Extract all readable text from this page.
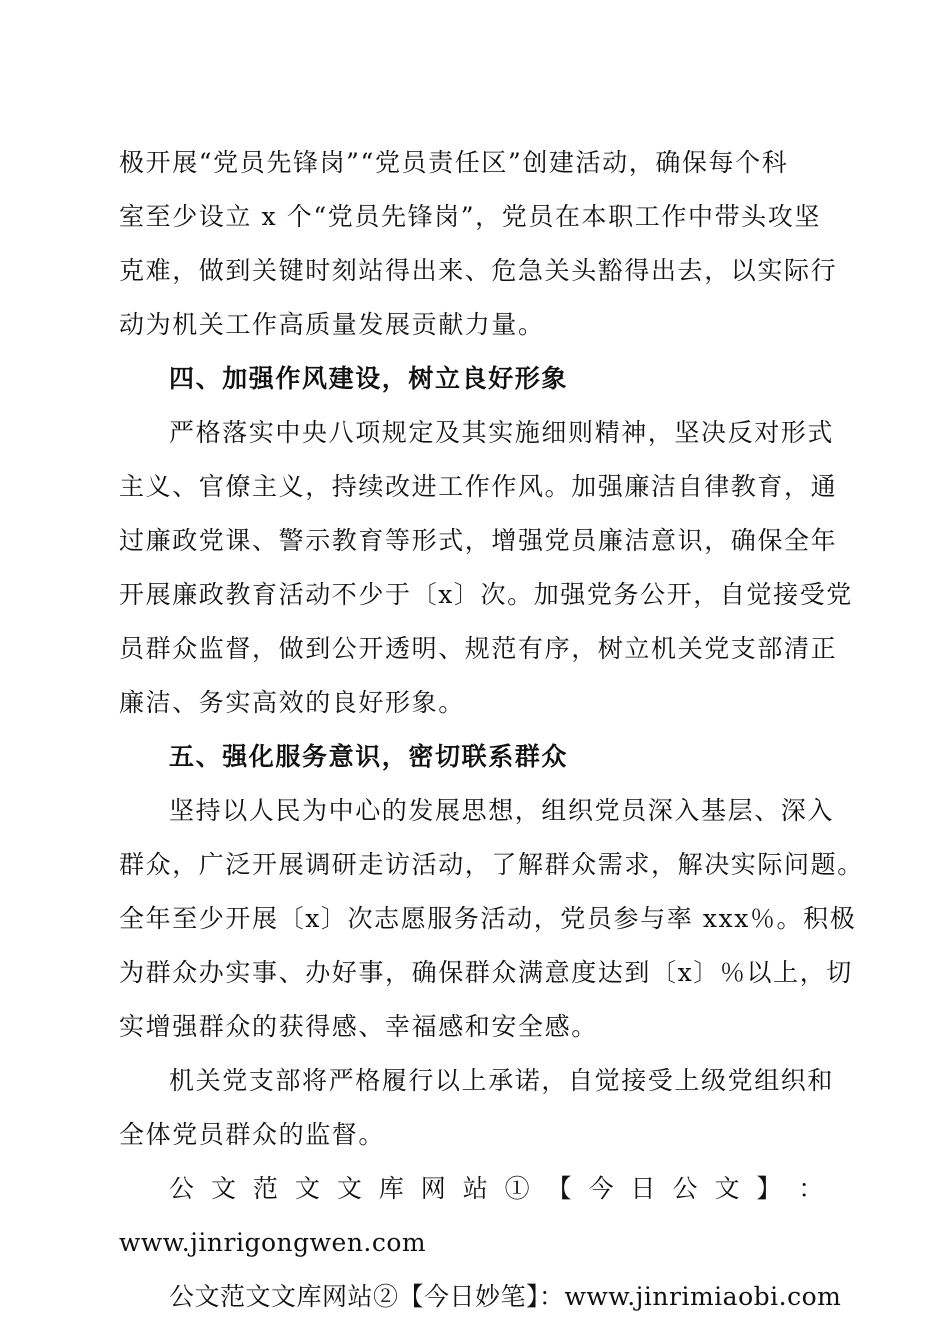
极开展“党员先锋岗”“党员责任区”创建活动，确保每个科
室至少设立 x 个“党员先锋岗”，党员在本职工作中带头攻坚
克难，做到关键时刻站得出来、危急关头豁得出去，以实际行
动为机关工作高质量发展贡献力量。
四、加强作风建设，树立良好形象
严格落实中央八项规定及其实施细则精神，坚决反对形式
主义、官僚主义，持续改进工作作风。加强廉洁自律教育，通
过廉政党课、警示教育等形式，增强党员廉洁意识，确保全年
开展廉政教育活动不少于〔x〕次。加强党务公开，自觉接受党
员群众监督，做到公开透明、规范有序，树立机关党支部清正
廉洁、务实高效的良好形象。
五、强化服务意识，密切联系群众
坚持以人民为中心的发展思想，组织党员深入基层、深入
群众，广泛开展调研走访活动，了解群众需求，解决实际问题。
全年至少开展〔x〕次志愿服务活动，党员参与率 xxx％。积极
为群众办实事、办好事，确保群众满意度达到〔x〕％以上，切
实增强群众的获得感、幸福感和安全感。
机关党支部将严格履行以上承诺，自觉接受上级党组织和
全体党员群众的监督。
公 文 范 文 文 库 网 站 ① 【 今 日 公 文 】 ：
www.jinrigongwen.com
公文范文文库网站②【今日妙笔】：www.jinrimiaobi.com
